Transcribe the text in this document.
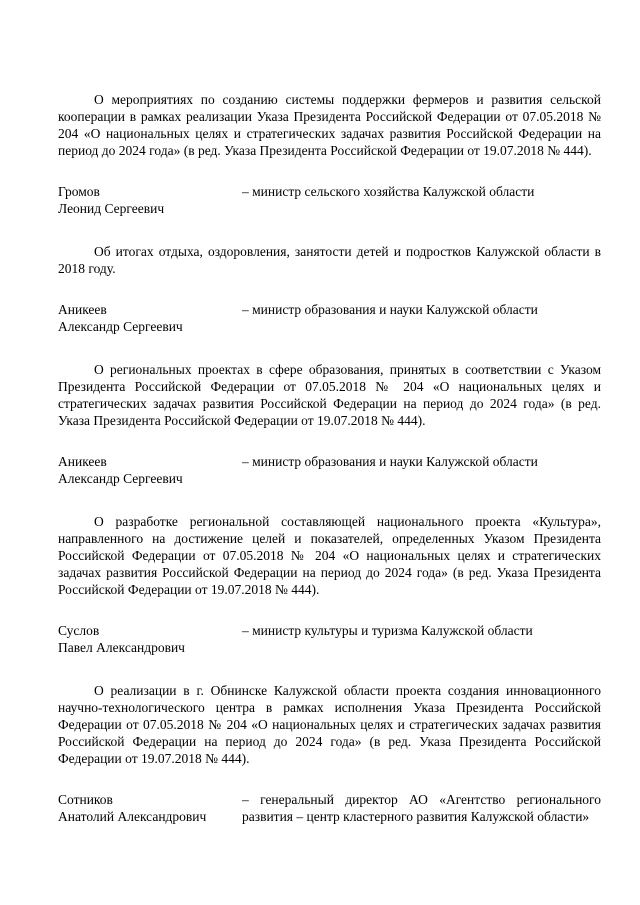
О мероприятиях по созданию системы поддержки фермеров и развития сельской кооперации в рамках реализации Указа Президента Российской Федерации от 07.05.2018 № 204 «О национальных целях и стратегических задачах развития Российской Федерации на период до 2024 года» (в ред. Указа Президента Российской Федерации от 19.07.2018 № 444).

Громов
Леонид Сергеевич
– министр сельского хозяйства Калужской области

Об итогах отдыха, оздоровления, занятости детей и подростков Калужской области в 2018 году.

Аникеев
Александр Сергеевич
– министр образования и науки Калужской области

О региональных проектах в сфере образования, принятых в соответствии с Указом Президента Российской Федерации от 07.05.2018 № 204 «О национальных целях и стратегических задачах развития Российской Федерации на период до 2024 года» (в ред. Указа Президента Российской Федерации от 19.07.2018 № 444).

Аникеев
Александр Сергеевич
– министр образования и науки Калужской области

О разработке региональной составляющей национального проекта «Культура», направленного на достижение целей и показателей, определенных Указом Президента Российской Федерации от 07.05.2018 № 204 «О национальных целях и стратегических задачах развития Российской Федерации на период до 2024 года» (в ред. Указа Президента Российской Федерации от 19.07.2018 № 444).

Суслов
Павел Александрович
– министр культуры и туризма Калужской области

О реализации в г. Обнинске Калужской области проекта создания инновационного научно-технологического центра в рамках исполнения Указа Президента Российской Федерации от 07.05.2018 № 204 «О национальных целях и стратегических задачах развития Российской Федерации на период до 2024 года» (в ред. Указа Президента Российской Федерации от 19.07.2018 № 444).

Сотников
Анатолий Александрович
– генеральный директор АО «Агентство регионального развития – центр кластерного развития Калужской области»
